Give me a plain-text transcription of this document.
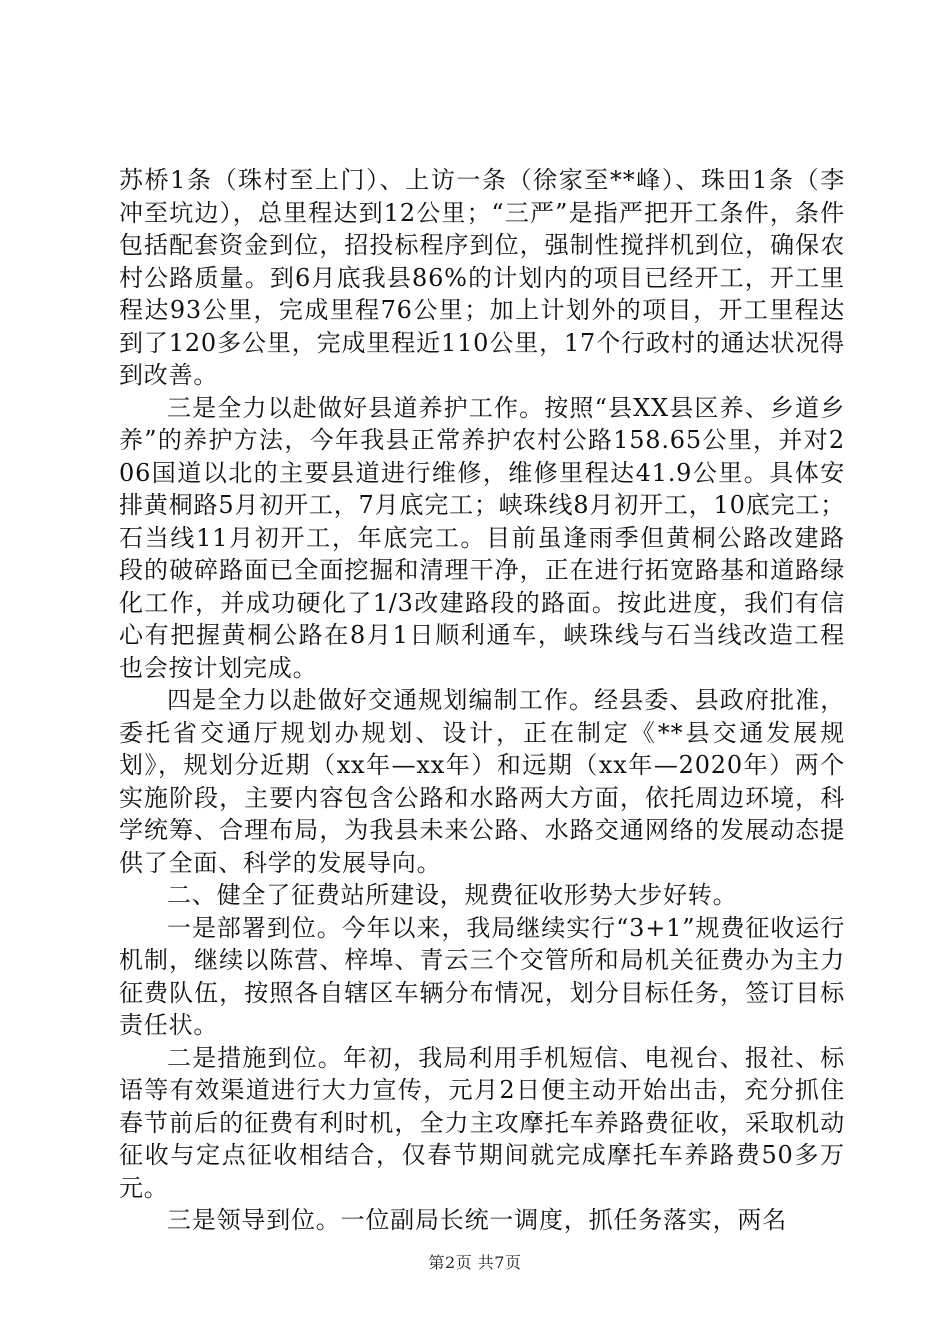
苏桥1条（珠村至上门）、上访一条（徐家至**峰）、珠田1条（李冲至坑边），总里程达到12公里；“三严”是指严把开工条件，条件包括配套资金到位，招投标程序到位，强制性搅拌机到位，确保农村公路质量。到6月底我县86%的计划内的项目已经开工，开工里程达93公里，完成里程76公里；加上计划外的项目，开工里程达到了120多公里，完成里程近110公里，17个行政村的通达状况得到改善。

三是全力以赴做好县道养护工作。按照“县XX县区养、乡道乡养”的养护方法，今年我县正常养护农村公路158.65公里，并对206国道以北的主要县道进行维修，维修里程达41.9公里。具体安排黄桐路5月初开工，7月底完工；峡珠线8月初开工，10底完工；石当线11月初开工，年底完工。目前虽逢雨季但黄桐公路改建路段的破碎路面已全面挖掘和清理干净，正在进行拓宽路基和道路绿化工作，并成功硬化了1/3改建路段的路面。按此进度，我们有信心有把握黄桐公路在8月1日顺利通车，峡珠线与石当线改造工程也会按计划完成。

四是全力以赴做好交通规划编制工作。经县委、县政府批准，委托省交通厅规划办规划、设计，正在制定《**县交通发展规划》，规划分近期（xx年—xx年）和远期（xx年—2020年）两个实施阶段，主要内容包含公路和水路两大方面，依托周边环境，科学统筹、合理布局，为我县未来公路、水路交通网络的发展动态提供了全面、科学的发展导向。

二、健全了征费站所建设，规费征收形势大步好转。

一是部署到位。今年以来，我局继续实行“3+1”规费征收运行机制，继续以陈营、梓埠、青云三个交管所和局机关征费办为主力征费队伍，按照各自辖区车辆分布情况，划分目标任务，签订目标责任状。

二是措施到位。年初，我局利用手机短信、电视台、报社、标语等有效渠道进行大力宣传，元月2日便主动开始出击，充分抓住春节前后的征费有利时机，全力主攻摩托车养路费征收，采取机动征收与定点征收相结合，仅春节期间就完成摩托车养路费50多万元。

三是领导到位。一位副局长统一调度，抓任务落实，两名

第2页 共7页
